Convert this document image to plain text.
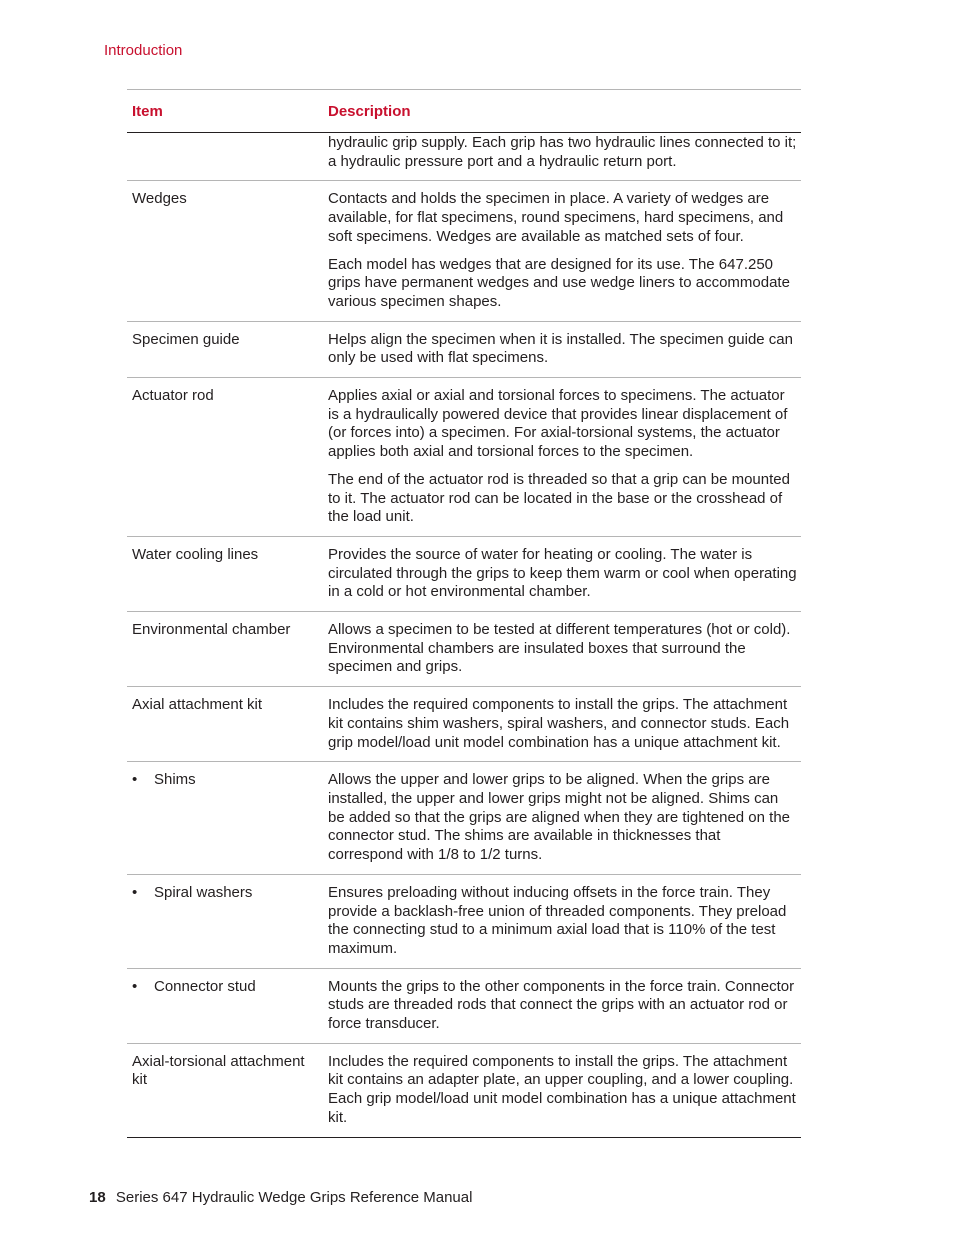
Introduction
Item	Description

	hydraulic grip supply. Each grip has two hydraulic lines connected to it; a hydraulic pressure port and a hydraulic return port.

Wedges	Contacts and holds the specimen in place. A variety of wedges are available, for flat specimens, round specimens, hard specimens, and soft specimens. Wedges are available as matched sets of four.

Each model has wedges that are designed for its use. The 647.250 grips have permanent wedges and use wedge liners to accommodate various specimen shapes.

Specimen guide	Helps align the specimen when it is installed. The specimen guide can only be used with flat specimens.

Actuator rod	Applies axial or axial and torsional forces to specimens. The actuator is a hydraulically powered device that provides linear displacement of (or forces into) a specimen. For axial-torsional systems, the actuator applies both axial and torsional forces to the specimen.

The end of the actuator rod is threaded so that a grip can be mounted to it. The actuator rod can be located in the base or the crosshead of the load unit.

Water cooling lines	Provides the source of water for heating or cooling. The water is circulated through the grips to keep them warm or cool when operating in a cold or hot environmental chamber.

Environmental chamber	Allows a specimen to be tested at different temperatures (hot or cold). Environmental chambers are insulated boxes that surround the specimen and grips.

Axial attachment kit	Includes the required components to install the grips. The attachment kit contains shim washers, spiral washers, and connector studs. Each grip model/load unit model combination has a unique attachment kit.

• Shims	Allows the upper and lower grips to be aligned. When the grips are installed, the upper and lower grips might not be aligned. Shims can be added so that the grips are aligned when they are tightened on the connector stud. The shims are available in thicknesses that correspond with 1/8 to 1/2 turns.

• Spiral washers	Ensures preloading without inducing offsets in the force train. They provide a backlash-free union of threaded components. They preload the connecting stud to a minimum axial load that is 110% of the test maximum.

• Connector stud	Mounts the grips to the other components in the force train. Connector studs are threaded rods that connect the grips with an actuator rod or force transducer.

Axial-torsional attachment kit	Includes the required components to install the grips. The attachment kit contains an adapter plate, an upper coupling, and a lower coupling. Each grip model/load unit model combination has a unique attachment kit.

18 Series 647 Hydraulic Wedge Grips Reference Manual
